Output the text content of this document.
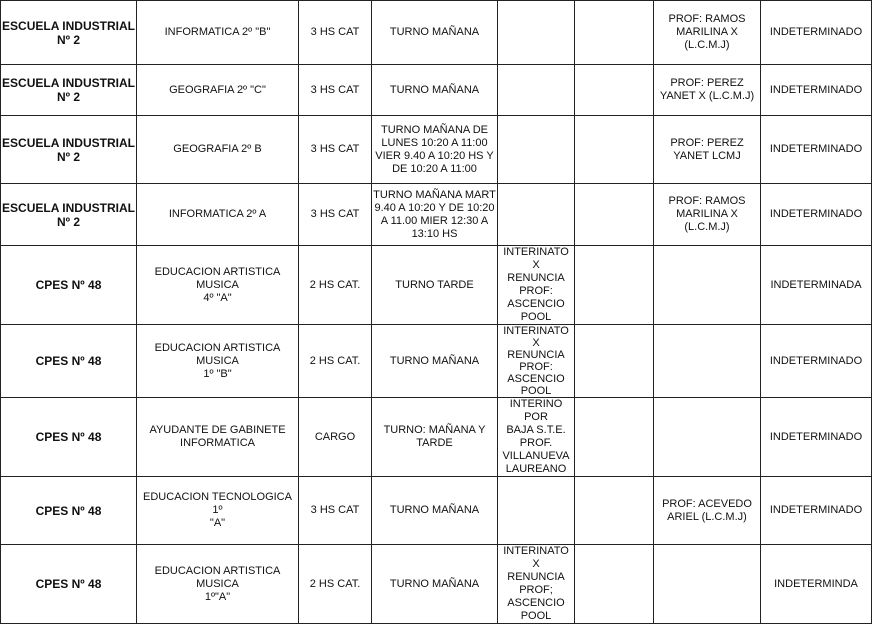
ESCUELA INDUSTRIAL
Nº 2	INFORMATICA 2º "B"	3 HS CAT	TURNO MAÑANA			PROF: RAMOS
MARILINA X (L.C.M.J)	INDETERMINADO
ESCUELA INDUSTRIAL
Nº 2	GEOGRAFIA 2º "C"	3 HS CAT	TURNO MAÑANA			PROF: PEREZ
YANET X (L.C.M.J)	INDETERMINADO
ESCUELA INDUSTRIAL
Nº 2	GEOGRAFIA 2º B	3 HS CAT	TURNO MAÑANA DE
LUNES 10:20 A 11:00
VIER 9.40 A 10:20 HS Y
DE 10:20 A 11:00			PROF: PEREZ
YANET LCMJ	INDETERMINADO
ESCUELA INDUSTRIAL
Nº 2	INFORMATICA 2º A	3 HS CAT	TURNO MAÑANA MART
9.40 A 10:20 Y DE 10:20
A 11.00 MIER 12:30 A
13:10 HS			PROF: RAMOS
MARILINA X (L.C.M.J)	INDETERMINADO
CPES Nº 48	EDUCACION ARTISTICA MUSICA
4º "A"	2 HS CAT.	TURNO TARDE	INTERINATO X
RENUNCIA
PROF:
ASCENCIO
POOL			INDETERMINADA
CPES Nº 48	EDUCACION ARTISTICA MUSICA
1º "B"	2 HS CAT.	TURNO MAÑANA	INTERINATO X
RENUNCIA
PROF:
ASCENCIO
POOL			INDETERMINADO
CPES Nº 48	AYUDANTE DE GABINETE
INFORMATICA	CARGO	TURNO: MAÑANA Y
TARDE	INTERINO POR
BAJA S.T.E.
PROF.
VILLANUEVA
LAUREANO			INDETERMINADO
CPES Nº 48	EDUCACION TECNOLOGICA 1º
"A"	3 HS CAT	TURNO MAÑANA			PROF: ACEVEDO
ARIEL (L.C.M.J)	INDETERMINADO
CPES Nº 48	EDUCACION ARTISTICA MUSICA
1º"A"	2 HS CAT.	TURNO MAÑANA	INTERINATO X
RENUNCIA
PROF;
ASCENCIO
POOL			INDETERMINDA
